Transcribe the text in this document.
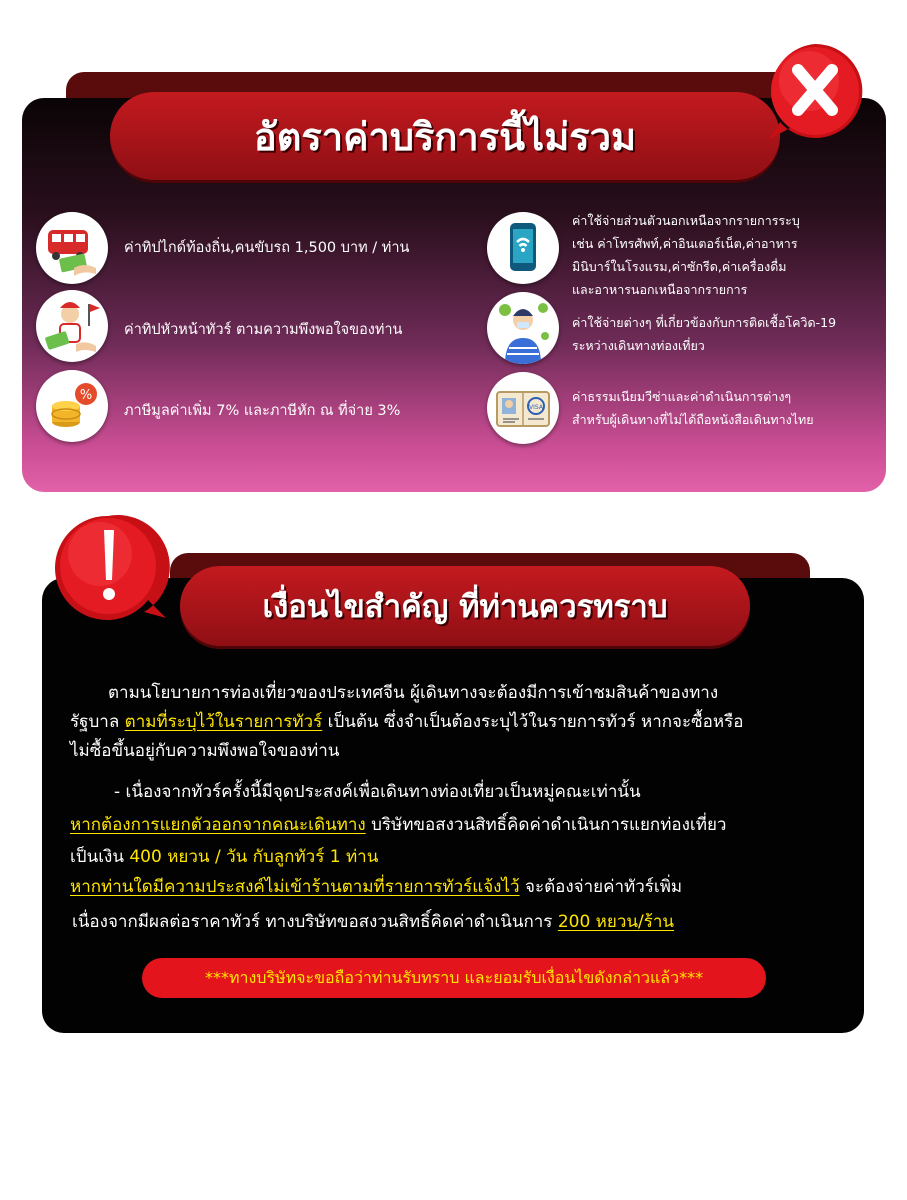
อัตราค่าบริการนี้ไม่รวม
ค่าทิปไกด์ท้องถิ่น,คนขับรถ 1,500 บาท / ท่าน
ค่าทิปหัวหน้าทัวร์ ตามความพึงพอใจของท่าน
%
ภาษีมูลค่าเพิ่ม 7% และภาษีหัก ณ ที่จ่าย 3%
ค่าใช้จ่ายส่วนตัวนอกเหนือจากรายการระบุ
เช่น ค่าโทรศัพท์,ค่าอินเตอร์เน็ต,ค่าอาหาร
มินิบาร์ในโรงแรม,ค่าซักรีด,ค่าเครื่องดื่ม
และอาหารนอกเหนือจากรายการ
ค่าใช้จ่ายต่างๆ ที่เกี่ยวข้องกับการติดเชื้อโควิด-19
ระหว่างเดินทางท่องเที่ยว
VISA
ค่าธรรมเนียมวีซ่าและค่าดำเนินการต่างๆ
สำหรับผู้เดินทางที่ไม่ได้ถือหนังสือเดินทางไทย
เงื่อนไขสำคัญ ที่ท่านควรทราบ
ตามนโยบายการท่องเที่ยวของประเทศจีน ผู้เดินทางจะต้องมีการเข้าชมสินค้าของทาง
รัฐบาล ตามที่ระบุไว้ในรายการทัวร์ เป็นต้น ซึ่งจำเป็นต้องระบุไว้ในรายการทัวร์ หากจะซื้อหรือ
ไม่ซื้อขึ้นอยู่กับความพึงพอใจของท่าน
- เนื่องจากทัวร์ครั้งนี้มีจุดประสงค์เพื่อเดินทางท่องเที่ยวเป็นหมู่คณะเท่านั้น
หากต้องการแยกตัวออกจากคณะเดินทาง บริษัทขอสงวนสิทธิ์คิดค่าดำเนินการแยกท่องเที่ยว
เป็นเงิน 400 หยวน / วัน กับลูกทัวร์ 1 ท่าน
หากท่านใดมีความประสงค์ไม่เข้าร้านตามที่รายการทัวร์แจ้งไว้ จะต้องจ่ายค่าทัวร์เพิ่ม
เนื่องจากมีผลต่อราคาทัวร์ ทางบริษัทขอสงวนสิทธิ์คิดค่าดำเนินการ 200 หยวน/ร้าน
***ทางบริษัทจะขอถือว่าท่านรับทราบ และยอมรับเงื่อนไขดังกล่าวแล้ว***
